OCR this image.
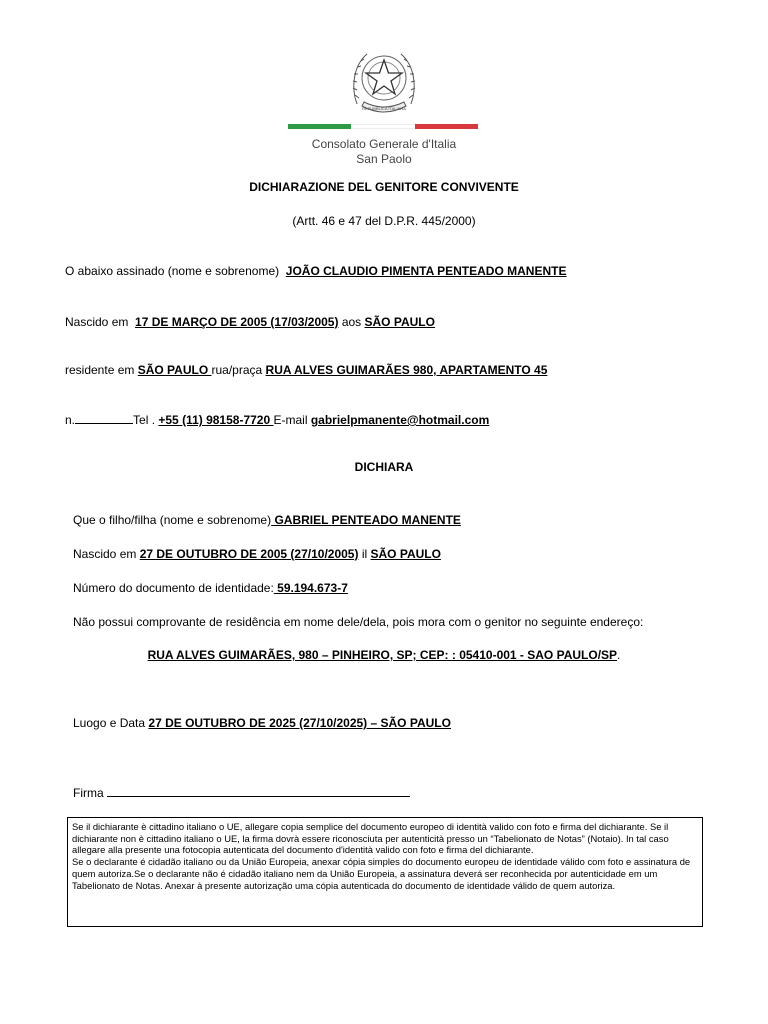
REPUBBLICA ITALIANA
Consolato Generale d'Italia
San Paolo
DICHIARAZIONE DEL GENITORE CONVIVENTE
(Artt. 46 e 47 del D.P.R. 445/2000)
O abaixo assinado (nome e sobrenome) JOÃO CLAUDIO PIMENTA PENTEADO MANENTE
Nascido em 17 DE MARÇO DE 2005 (17/03/2005) aos SÃO PAULO
residente em SÃO PAULO rua/praça RUA ALVES GUIMARÃES 980, APARTAMENTO 45
n.	Tel . +55 (11) 98158-7720 E-mail gabrielpmanente@hotmail.com
DICHIARA
Que o filho/filha (nome e sobrenome) GABRIEL PENTEADO MANENTE
Nascido em 27 DE OUTUBRO DE 2005 (27/10/2005) il SÃO PAULO
Número do documento de identidade: 59.194.673-7
Não possui comprovante de residência em nome dele/dela, pois mora com o genitor no seguinte endereço:
RUA ALVES GUIMARÃES, 980 – PINHEIRO, SP; CEP: : 05410-001 - SAO PAULO/SP.
Luogo e Data 27 DE OUTUBRO DE 2025 (27/10/2025) – SÃO PAULO
Firma
Se il dichiarante è cittadino italiano o UE, allegare copia semplice del documento europeo di identità valido con foto e firma del dichiarante. Se il dichiarante non è cittadino italiano o UE, la firma dovrà essere riconosciuta per autenticità presso un “Tabelionato de Notas” (Notaio). In tal caso allegare alla presente una fotocopia autenticata del documento d'identità valido con foto e firma del dichiarante.
Se o declarante é cidadão italiano ou da União Europeia, anexar cópia simples do documento europeu de identidade válido com foto e assinatura de quem autoriza.Se o declarante não é cidadão italiano nem da União Europeia, a assinatura deverá ser reconhecida por autenticidade em um Tabelionato de Notas. Anexar à presente autorização uma cópia autenticada do documento de identidade válido de quem autoriza.
